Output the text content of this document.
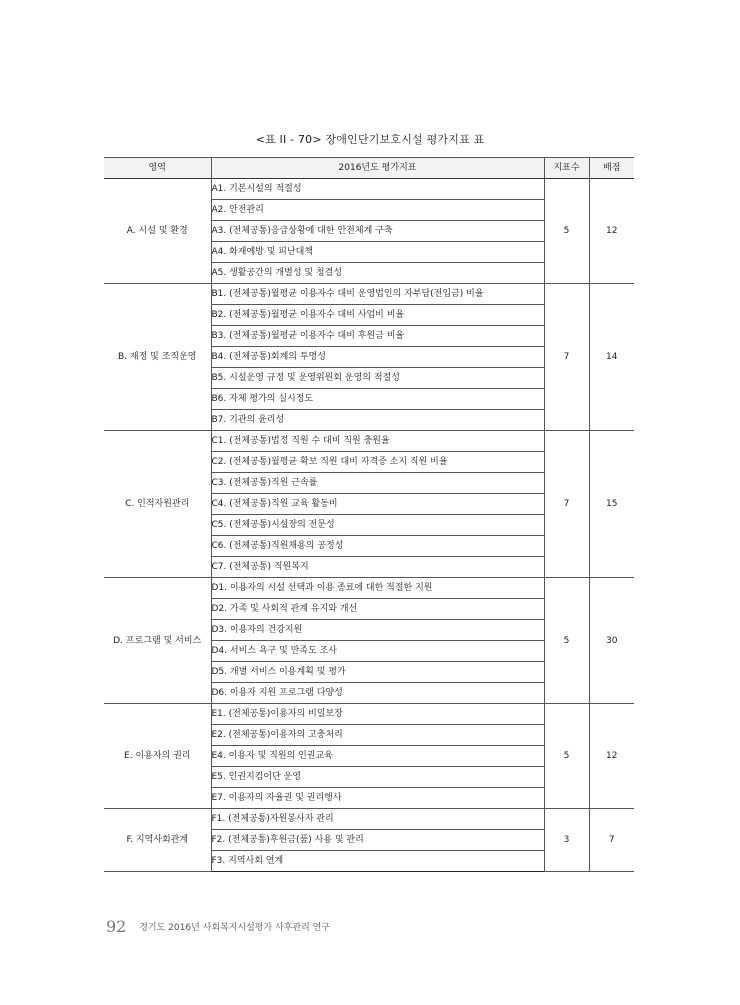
<표 II - 70> 장애인단기보호시설 평가지표 표
영역	2016년도 평가지표	지표수	배점
A. 시설 및 환경	A1. 기본시설의 적절성	5	12
	A2. 안전관리		
	A3. (전체공통)응급상황에 대한 안전체계 구축		
	A4. 화재예방 및 피난대책		
	A5. 생활공간의 개별성 및 청결성		
B. 재정 및 조직운영	B1. (전체공통)월평균 이용자수 대비 운영법인의 자부담(전입금) 비율	7	14
	B2. (전체공통)월평균 이용자수 대비 사업비 비율		
	B3. (전체공통)월평균 이용자수 대비 후원금 비율		
	B4. (전체공통)회계의 투명성		
	B5. 시설운영 규정 및 운영위원회 운영의 적절성		
	B6. 자체 평가의 실시정도		
	B7. 기관의 윤리성		
C. 인적자원관리	C1. (전체공통)법정 직원 수 대비 직원 충원율	7	15
	C2. (전체공통)월평균 확보 직원 대비 자격증 소지 직원 비율		
	C3. (전체공통)직원 근속률		
	C4. (전체공통)직원 교육 활동비		
	C5. (전체공통)시설장의 전문성		
	C6. (전체공통)직원채용의 공정성		
	C7. (전체공통) 직원복지		
D. 프로그램 및 서비스	D1. 이용자의 시설 선택과 이용 종료에 대한 적절한 지원	5	30
	D2. 가족 및 사회적 관계 유지와 개선		
	D3. 이용자의 건강지원		
	D4. 서비스 욕구 및 만족도 조사		
	D5. 개별 서비스 이용계획 및 평가		
	D6. 이용자 지원 프로그램 다양성		
E. 이용자의 권리	E1. (전체공통)이용자의 비밀보장	5	12
	E2. (전체공통)이용자의 고충처리		
	E4. 이용자 및 직원의 인권교육		
	E5. 인권지킴이단 운영		
	E7. 이용자의 자율권 및 권리행사		
F. 지역사회관계	F1. (전체공통)자원봉사자 관리	3	7
	F2. (전체공통)후원금(품) 사용 및 관리		
	F3. 지역사회 연계		
92 경기도 2016년 사회복지시설평가 사후관리 연구
